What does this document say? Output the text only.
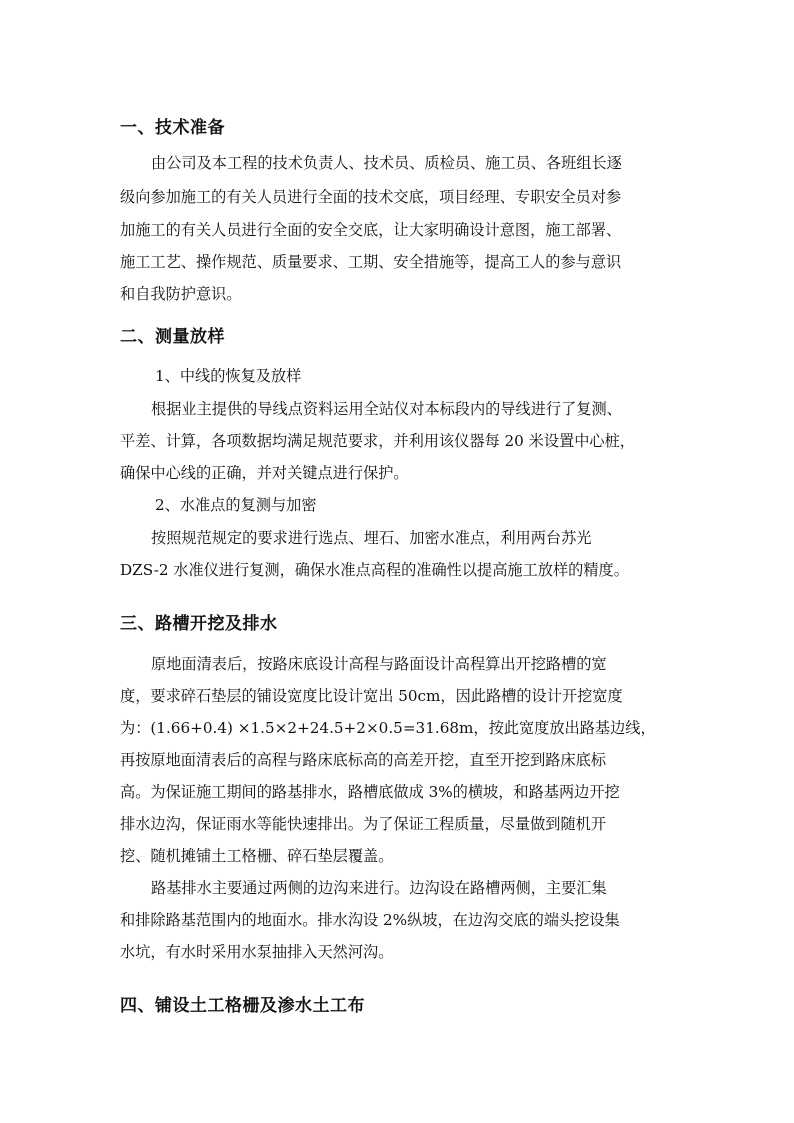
一、技术准备
由公司及本工程的技术负责人、技术员、质检员、施工员、各班组长逐
级向参加施工的有关人员进行全面的技术交底，项目经理、专职安全员对参
加施工的有关人员进行全面的安全交底，让大家明确设计意图，施工部署、
施工工艺、操作规范、质量要求、工期、安全措施等，提高工人的参与意识
和自我防护意识。
二、测量放样
1、中线的恢复及放样
根据业主提供的导线点资料运用全站仪对本标段内的导线进行了复测、
平差、计算，各项数据均满足规范要求，并利用该仪器每 20 米设置中心桩，
确保中心线的正确，并对关键点进行保护。
2、水准点的复测与加密
按照规范规定的要求进行选点、埋石、加密水准点，利用两台苏光
DZS-2 水准仪进行复测，确保水准点高程的准确性以提高施工放样的精度。
三、路槽开挖及排水
原地面清表后，按路床底设计高程与路面设计高程算出开挖路槽的宽
度，要求碎石垫层的铺设宽度比设计宽出 50cm，因此路槽的设计开挖宽度
为：(1.66+0.4) ×1.5×2+24.5+2×0.5=31.68m，按此宽度放出路基边线，
再按原地面清表后的高程与路床底标高的高差开挖，直至开挖到路床底标
高。为保证施工期间的路基排水，路槽底做成 3%的横坡，和路基两边开挖
排水边沟，保证雨水等能快速排出。为了保证工程质量，尽量做到随机开
挖、随机摊铺土工格栅、碎石垫层覆盖。
路基排水主要通过两侧的边沟来进行。边沟设在路槽两侧，主要汇集
和排除路基范围内的地面水。排水沟设 2%纵坡，在边沟交底的端头挖设集
水坑，有水时采用水泵抽排入天然河沟。
四、铺设土工格栅及渗水土工布
